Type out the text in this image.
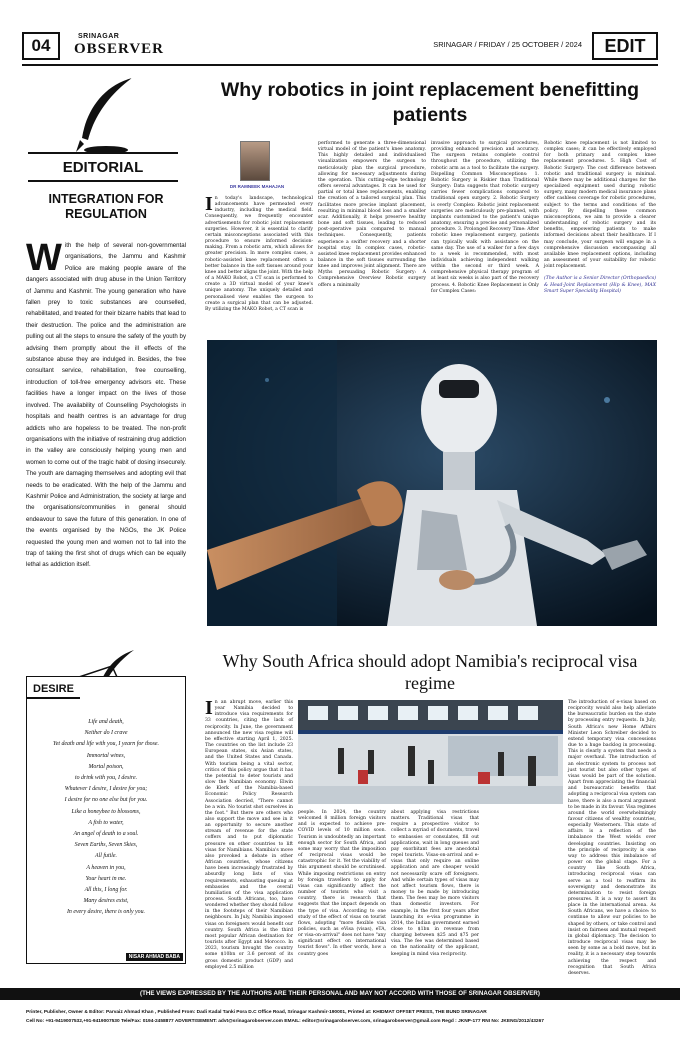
04	SRINAGAR
OBSERVER	SRINAGAR / FRIDAY / 25 OCTOBER / 2024	EDIT
EDITORIAL
INTEGRATION FOR REGULATION
With the help of several non-governmental organisations, the Jammu and Kashmir Police are making people aware of the dangers associated with drug abuse in the Union Territory of Jammu and Kashmir. The young generation who have fallen prey to toxic substances are counselled, rehabilitated, and treated for their bizarre habits that lead to their destruction. The police and the administration are pulling out all the steps to ensure the safety of the youth by advising them promptly about the ill effects of the substance abuse they are indulged in. Besides, the free consultant service, rehabilitation, free counselling, introduction of toll-free emergency advisors etc. These facilities have a longer impact on the lives of those involved. The availability of Counselling Psychologists in hospitals and health centres is an advantage for drug addicts who are hopeless to be treated. The non-profit organisations with the initiative of restraining drug addiction in the valley are consciously helping young men and women to come out of the tragic habit of dosing insecurely. The youth are damaging themselves and adopting evil that needs to be eradicated. With the help of the Jammu and Kashmir Police and Administration, the society at large and the organisations/communities in general should endeavour to save the future of this generation. In one of the events organised by the NGOs, the JK Police requested the young men and women not to fall into the trap of taking the first shot of drugs which can be equally lethal as addiction itself.
Why robotics in joint replacement benefitting patients
DR RAMNEEK MAHAJAN
In today's landscape, technological advancements have permeated every industry, including the medical field. Consequently, we frequently encounter advertisements for robotic joint replacement surgeries. However, it is essential to clarify certain misconceptions associated with this procedure to ensure informed decision-making. From a robotic arm, which allows for greater precision. In more complex cases, a robotic-assisted knee replacement offers a better balance in the soft tissues around your knee and better aligns the joint. With the help of a MAKO Robot, a CT scan is performed to create a 3D virtual model of your knee's unique anatomy. The uniquely detailed and personalised view enables the surgeon to create a surgical plan that can be adjusted. By utilizing the MAKO Robot, a CT scan is
performed to generate a three-dimensional virtual model of the patient's knee anatomy. This highly detailed and individualised visualization empowers the surgeon to meticulously plan the surgical procedure, allowing for necessary adjustments during the operation. This cutting-edge technology offers several advantages. It can be used for partial or total knee replacements, enabling the creation of a tailored surgical plan. This facilitates more precise implant placement, resulting in minimal blood loss and a smaller scar. Additionally, it helps preserve healthy bone and soft tissues, leading to reduced post-operative pain compared to manual techniques. Consequently, patients experience a swifter recovery and a shorter hospital stay. In complex cases, robotic-assisted knee replacement provides enhanced balance in the soft tissues surrounding the knee and improves joint alignment. There are Myths persuading Robotic Surgery: A Comprehensive Overview Robotic surgery offers a minimally
invasive approach to surgical procedures, providing enhanced precision and accuracy. The surgeon retains complete control throughout the procedure, utilizing the robotic arm as a tool to facilitate the surgery. Dispelling Common Misconceptions: 1. Robotic Surgery is Riskier than Traditional Surgery: Data suggests that robotic surgery carries fewer complications compared to traditional open surgery. 2. Robotic Surgery is overly Complex: Robotic joint replacement surgeries are meticulously pre-planned, with implants customized to the patient's unique anatomy, ensuring a precise and personalized procedure. 3. Prolonged Recovery Time: After robotic knee replacement surgery, patients can typically walk with assistance on the same day. The use of a walker for a few days to a week is recommended, with most individuals achieving independent walking within the second or third week. A comprehensive physical therapy program of at least six weeks is also part of the recovery process. 4. Robotic Knee Replacement is Only for Complex Cases:
Robotic knee replacement is not limited to complex cases; it can be effectively employed for both primary and complex knee replacement procedures. 5. High Cost of Robotic Surgery: The cost difference between robotic and traditional surgery is minimal. While there may be additional charges for the specialized equipment used during robotic surgery, many modern medical insurance plans offer cashless coverage for robotic procedures, subject to the terms and conditions of the policy. By dispelling these common misconceptions, we aim to provide a clearer understanding of robotic surgery and its benefits, empowering patients to make informed decisions about their healthcare. If I may conclude, your surgeon will engage in a comprehensive discussion encompassing all available knee replacement options, including an assessment of your suitability for robotic joint replacement.

(The Author is a Senior Director (Orthopaedics) & Head-Joint Replacement (Hip & Knee), MAX Smart Super Speciality Hospital)
DESIRE
Life and death,
Neither do I crave
Yet death and life with you, I yearn for those.
Immortal wines,
Mortal poison,
to drink with you, I desire.
Whatever I desire, I desire for you;
I desire for no one else but for you.
Like a honeybee to blossoms,
A fish to water,
An angel of death to a soul.
Seven Earths, Seven Skies,
All futile.
A heaven in you,
Your heart in me.
All this, I long for.
Many desires exist,
In every desire, there is only you.
NISAR AHMAD BABA
Why South Africa should adopt Namibia's reciprocal visa regime
In an abrupt move, earlier this year Namibia decided to introduce visa requirements for 33 countries, citing the lack of reciprocity. In June, the government announced the new visa regime will be effective starting April 1, 2025. The countries on the list include 23 European states, six Asian states, and the United States and Canada. With tourism being a vital sector, critics of this policy argue that it has the potential to deter tourists and slow the Namibian economy. Elwin de Klerk of the Namibia-based Economic Policy Research Association decried, "There cannot be a win. No tourist shot ourselves in the foot." But there are others who also support the move and see in it an opportunity to secure another stream of revenue for the state coffers and to put diplomatic pressure on other countries to lift visas for Namibians. Namibia's move also provoked a debate in other African countries, whose citizens have been increasingly frustrated by absurdly long lists of visa requirements, exhausting queuing at embassies and the overall humiliation of the visa application process. South Africans, too, have wondered whether they should follow in the footsteps of their Namibian neighbours. In July, Namibia imposed visas on foreigners would benefit our country. South Africa is the third most popular African destination for tourists after Egypt and Morocco. In 2023, tourism brought the country some $10bn or 3.6 percent of its gross domestic product (GDP) and employed 2.5 million
people. In 2024, the country welcomed 8 million foreign visitors and is expected to achieve pre-COVID levels of 10 million soon. Tourism is undoubtedly an important enough sector for South Africa, and some may worry that the imposition of reciprocal visas would be catastrophic for it. Yet the viability of this argument should be scrutinised. While imposing restrictions on entry by foreign travellers to apply for visas can significantly affect the number of tourists who visit a country, there is research that suggests that the impact depends on the type of visa. According to one study of the effect of visas on tourist flows, adopting "more flexible visa policies, such as eVisa (visas), eTA, or visa-on-arrival" does not have "any significant effect on international tourist flows". In other words, how a country goes
about applying visa restrictions matters. Traditional visas that require a prospective visitor to collect a myriad of documents, travel to embassies or consulates, fill out applications, wait in long queues and pay exorbitant fees are anecdotal repel tourists. Visas-on-arrival and e-visas that only require an online application and are cheaper would not necessarily scare off foreigners. And while certain types of visas may not affect tourism flows, there is money to be made by introducing them. The fees may be more visitors than domestic investors. For example, in the first four years after launching its e-visa programme in 2014, the Indian government earned close to $1bn in revenue from charging between $25 and $75 per visa. The fee was determined based on the nationality of the applicant, keeping in mind visa reciprocity.
The introduction of e-visas based on reciprocity would also help alleviate the bureaucratic burden on the state by processing entry requests. In July, South Africa's new Home Affairs Minister Leon Schreiber decided to extend temporary visa concessions due to a huge backlog in processing. This is clearly a system that needs a major overhaul. The introduction of an electronic system to process not just tourist but also other types of visas would be part of the solution. Apart from appreciating the financial and bureaucratic benefits that adopting a reciprocal visa system can have, there is also a moral argument to be made in its favour. Visa regimes around the world overwhelmingly favour citizens of wealthy countries, especially Westerners. This state of affairs is a reflection of the imbalance the West wields over developing countries. Insisting on the principle of reciprocity is one way to address this imbalance of power on the global stage. For a country like South Africa, introducing reciprocal visas can serve as a tool to reaffirm its sovereignty and demonstrate its determination to resist foreign pressures. It is a way to assert its place in the international arena. As South Africans, we have a choice: to continue to allow our policies to be shaped by others, or take control and insist on fairness and mutual respect in global diplomacy. The decision to introduce reciprocal visas may be seen by some as a bold move, but in reality, it is a necessary step towards achieving the respect and recognition that South Africa deserves.
(THE VIEWS EXPRESSED BY THE AUTHORS ARE THEIR PERSONAL AND MAY NOT ACCORD WITH THOSE OF SRINAGAR OBSERVER)
Printer, Publisher, Owner & Editor: Parvaiz Ahmad Khan , Published From: Dadi Kadal Tanki Pora D.C Office Road, Srinagar Kashmir-190001, Printed at: KHIDMAT OFFSET PRESS, THE BUND SRINAGAR
Cell No: +91-9419007532,+91-9419007530 Tele/Fax: 0194-2458877 ADVERTISEMENT: advt@srinagarobserver.com EMAIL: editor@srinagarobserver.com, srinagarobserver@gmail.com Regd : JKNP-177 RNI No: JKENG/2012/43267
